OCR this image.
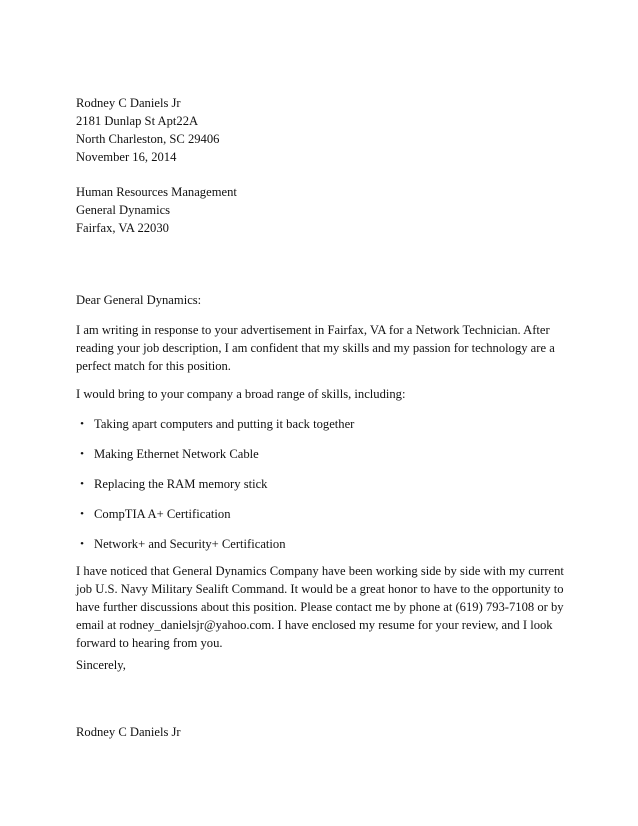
Rodney C Daniels Jr
2181 Dunlap St Apt22A
North Charleston, SC 29406
November 16, 2014
Human Resources Management
General Dynamics
Fairfax, VA 22030
Dear General Dynamics:
I am writing in response to your advertisement in Fairfax, VA for a Network Technician. After
reading your job description, I am confident that my skills and my passion for technology are a
perfect match for this position.
I would bring to your company a broad range of skills, including:
• Taking apart computers and putting it back together
• Making Ethernet Network Cable
• Replacing the RAM memory stick
• CompTIA A+ Certification
• Network+ and Security+ Certification
I have noticed that General Dynamics Company have been working side by side with my current
job U.S. Navy Military Sealift Command. It would be a great honor to have to the opportunity to
have further discussions about this position. Please contact me by phone at (619) 793-7108 or by
email at rodney_danielsjr@yahoo.com. I have enclosed my resume for your review, and I look
forward to hearing from you.
Sincerely,
Rodney C Daniels Jr
